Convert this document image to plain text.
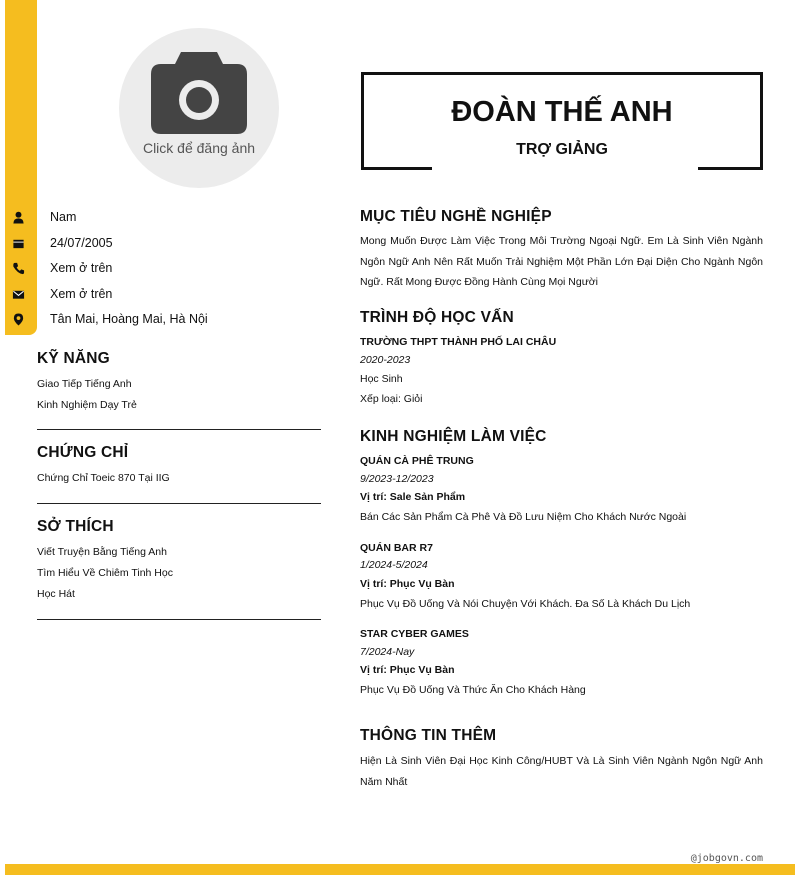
Click để đăng ảnh
Nam
24/07/2005
Xem ở trên
Xem ở trên
Tân Mai, Hoàng Mai, Hà Nội
KỸ NĂNG
Giao Tiếp Tiếng Anh
Kinh Nghiệm Dạy Trẻ
CHỨNG CHỈ
Chứng Chỉ Toeic 870 Tại IIG
SỞ THÍCH
Viết Truyện Bằng Tiếng Anh
Tìm Hiểu Về Chiêm Tinh Học
Học Hát
ĐOÀN THẾ ANH
TRỢ GIẢNG
MỤC TIÊU NGHỀ NGHIỆP
Mong Muốn Được Làm Việc Trong Môi Trường Ngoại Ngữ. Em Là Sinh Viên Ngành Ngôn Ngữ Anh Nên Rất Muốn Trải Nghiệm Một Phần Lớn Đại Diện Cho Ngành Ngôn Ngữ. Rất Mong Được Đồng Hành Cùng Mọi Người
TRÌNH ĐỘ HỌC VẤN
TRƯỜNG THPT THÀNH PHỐ LAI CHÂU
2020-2023
Học Sinh
Xếp loại: Giỏi
KINH NGHIỆM LÀM VIỆC
QUÁN CÀ PHÊ TRUNG
9/2023-12/2023
Vị trí: Sale Sản Phẩm
Bán Các Sản Phẩm Cà Phê Và Đồ Lưu Niệm Cho Khách Nước Ngoài
QUÁN BAR R7
1/2024-5/2024
Vị trí: Phục Vụ Bàn
Phục Vụ Đồ Uống Và Nói Chuyện Với Khách. Đa Số Là Khách Du Lịch
STAR CYBER GAMES
7/2024-Nay
Vị trí: Phục Vụ Bàn
Phục Vụ Đồ Uống Và Thức Ăn Cho Khách Hàng
THÔNG TIN THÊM
Hiện Là Sinh Viên Đại Học Kinh Công/HUBT Và Là Sinh Viên Ngành Ngôn Ngữ Anh Năm Nhất
@jobgovn.com
